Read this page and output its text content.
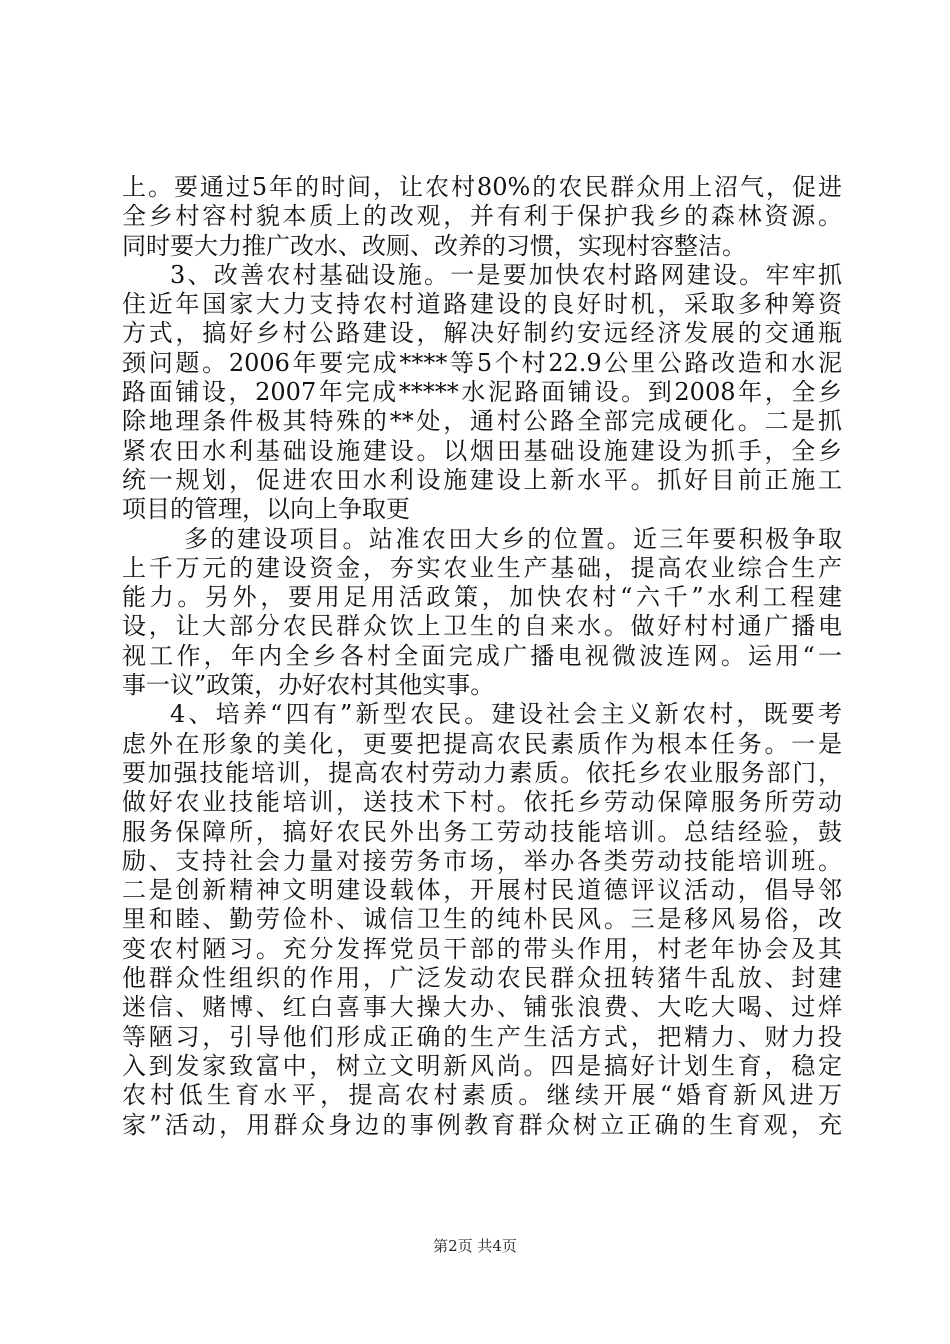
上。要通过5年的时间，让农村80%的农民群众用上沼气，促进
全乡村容村貌本质上的改观，并有利于保护我乡的森林资源。
同时要大力推广改水、改厕、改养的习惯，实现村容整洁。
3、改善农村基础设施。一是要加快农村路网建设。牢牢抓
住近年国家大力支持农村道路建设的良好时机，采取多种筹资
方式，搞好乡村公路建设，解决好制约安远经济发展的交通瓶
颈问题。2006年要完成****等5个村22.9公里公路改造和水泥
路面铺设，2007年完成*****水泥路面铺设。到2008年，全乡
除地理条件极其特殊的**处，通村公路全部完成硬化。二是抓
紧农田水利基础设施建设。以烟田基础设施建设为抓手，全乡
统一规划，促进农田水利设施建设上新水平。抓好目前正施工
项目的管理，以向上争取更
多的建设项目。站准农田大乡的位置。近三年要积极争取
上千万元的建设资金，夯实农业生产基础，提高农业综合生产
能力。另外，要用足用活政策，加快农村“六千”水利工程建
设，让大部分农民群众饮上卫生的自来水。做好村村通广播电
视工作，年内全乡各村全面完成广播电视微波连网。运用“一
事一议”政策，办好农村其他实事。
4、培养“四有”新型农民。建设社会主义新农村，既要考
虑外在形象的美化，更要把提高农民素质作为根本任务。一是
要加强技能培训，提高农村劳动力素质。依托乡农业服务部门，
做好农业技能培训，送技术下村。依托乡劳动保障服务所劳动
服务保障所，搞好农民外出务工劳动技能培训。总结经验，鼓
励、支持社会力量对接劳务市场，举办各类劳动技能培训班。
二是创新精神文明建设载体，开展村民道德评议活动，倡导邻
里和睦、勤劳俭朴、诚信卫生的纯朴民风。三是移风易俗，改
变农村陋习。充分发挥党员干部的带头作用，村老年协会及其
他群众性组织的作用，广泛发动农民群众扭转猪牛乱放、封建
迷信、赌博、红白喜事大操大办、铺张浪费、大吃大喝、过烊
等陋习，引导他们形成正确的生产生活方式，把精力、财力投
入到发家致富中，树立文明新风尚。四是搞好计划生育，稳定
农村低生育水平，提高农村素质。继续开展“婚育新风进万
家”活动，用群众身边的事例教育群众树立正确的生育观，充
第2页 共4页
